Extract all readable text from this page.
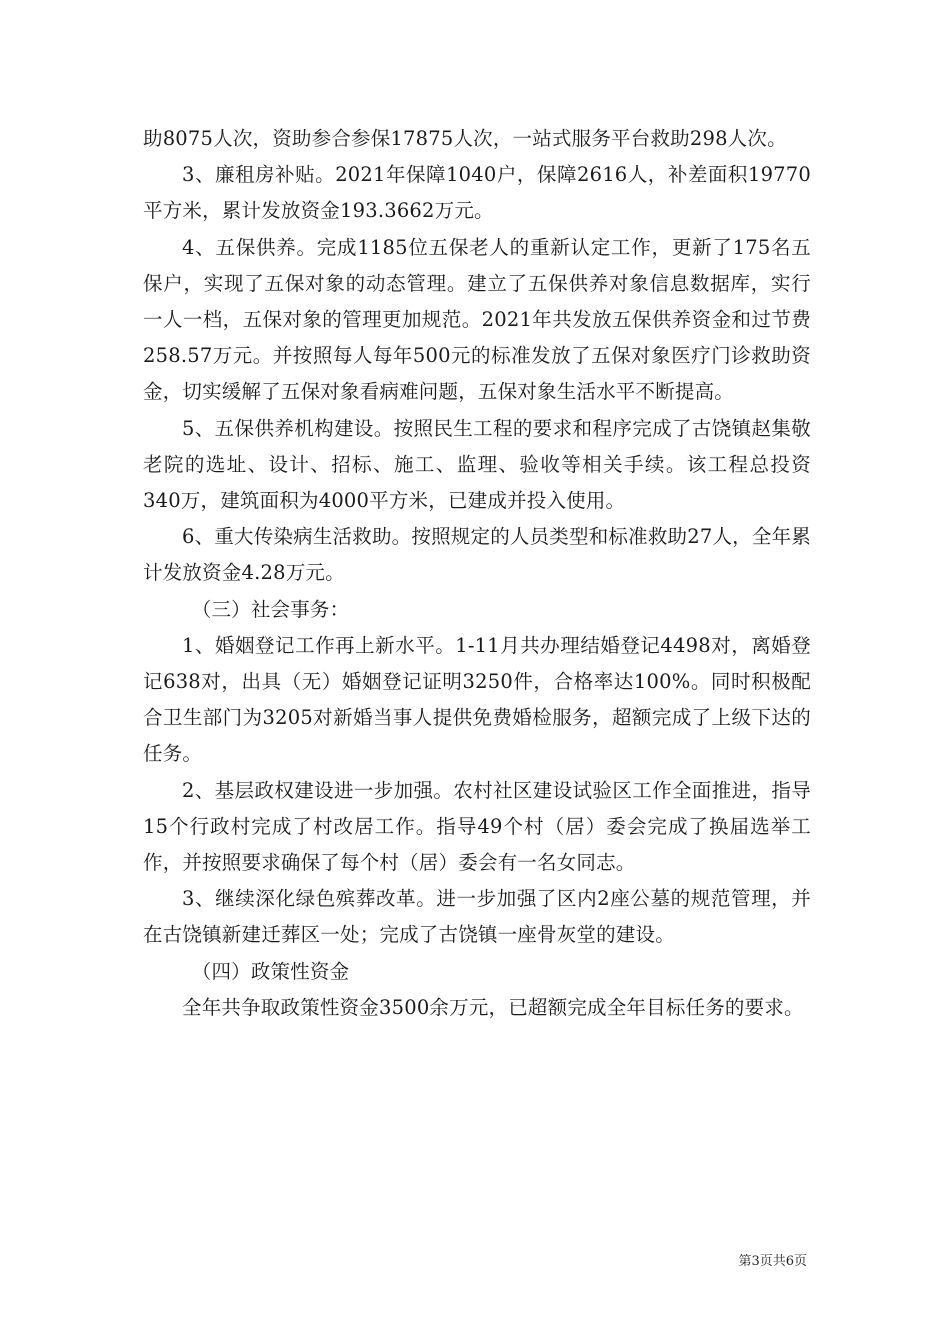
助8075人次，资助参合参保17875人次，一站式服务平台救助298人次。

3、廉租房补贴。2021年保障1040户，保障2616人，补差面积19770平方米，累计发放资金193.3662万元。

4、五保供养。完成1185位五保老人的重新认定工作，更新了175名五保户，实现了五保对象的动态管理。建立了五保供养对象信息数据库，实行一人一档，五保对象的管理更加规范。2021年共发放五保供养资金和过节费258.57万元。并按照每人每年500元的标准发放了五保对象医疗门诊救助资金，切实缓解了五保对象看病难问题，五保对象生活水平不断提高。

5、五保供养机构建设。按照民生工程的要求和程序完成了古饶镇赵集敬老院的选址、设计、招标、施工、监理、验收等相关手续。该工程总投资340万，建筑面积为4000平方米，已建成并投入使用。

6、重大传染病生活救助。按照规定的人员类型和标准救助27人，全年累计发放资金4.28万元。

（三）社会事务：

1、婚姻登记工作再上新水平。1-11月共办理结婚登记4498对，离婚登记638对，出具（无）婚姻登记证明3250件，合格率达100%。同时积极配合卫生部门为3205对新婚当事人提供免费婚检服务，超额完成了上级下达的任务。

2、基层政权建设进一步加强。农村社区建设试验区工作全面推进，指导15个行政村完成了村改居工作。指导49个村（居）委会完成了换届选举工作，并按照要求确保了每个村（居）委会有一名女同志。

3、继续深化绿色殡葬改革。进一步加强了区内2座公墓的规范管理，并在古饶镇新建迁葬区一处；完成了古饶镇一座骨灰堂的建设。

（四）政策性资金

全年共争取政策性资金3500余万元，已超额完成全年目标任务的要求。

第3页共6页
